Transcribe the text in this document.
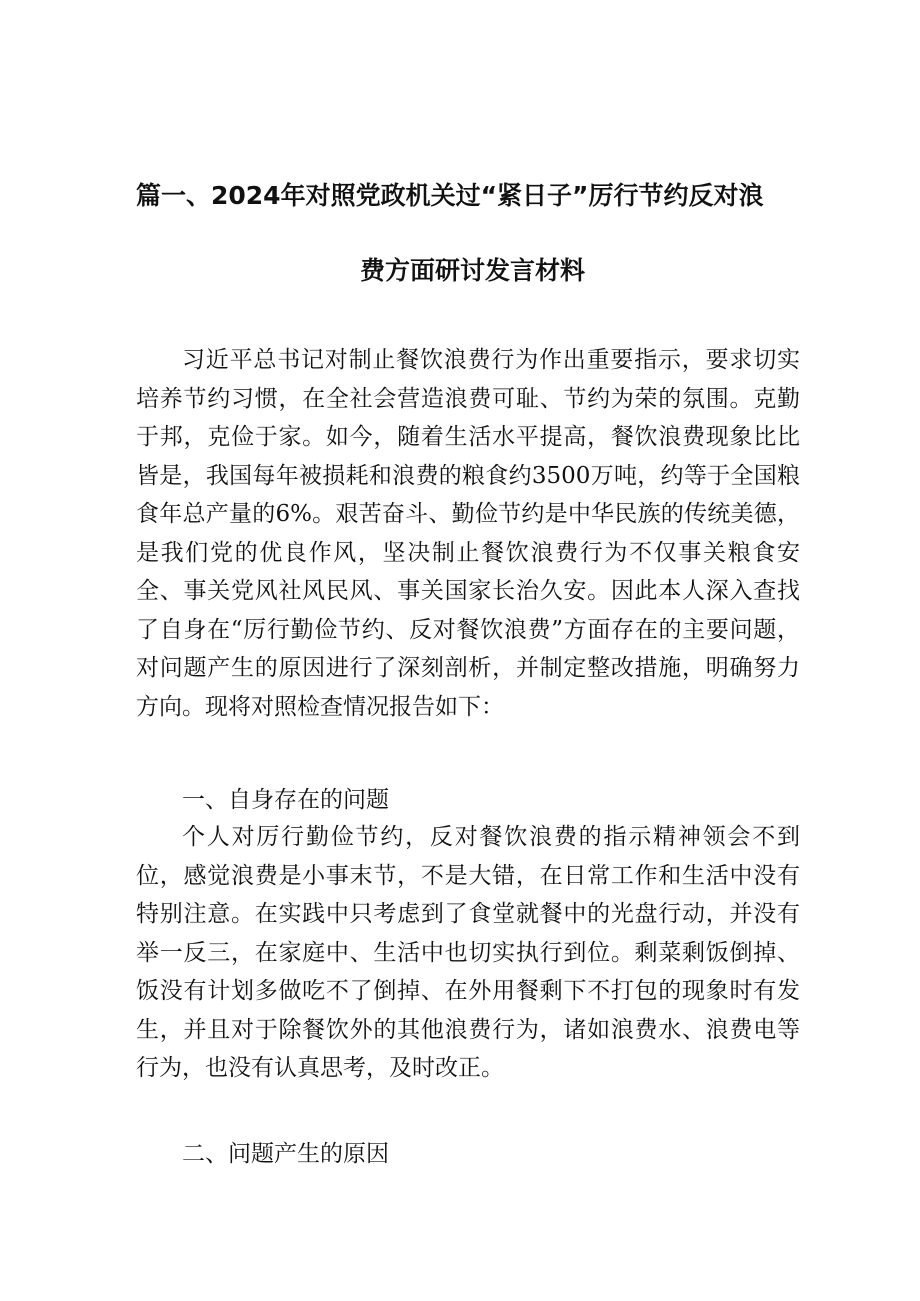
篇一、2024年对照党政机关过“紧日子”厉行节约反对浪
费方面研讨发言材料

习近平总书记对制止餐饮浪费行为作出重要指示，要求切实培养节约习惯，在全社会营造浪费可耻、节约为荣的氛围。克勤于邦，克俭于家。如今，随着生活水平提高，餐饮浪费现象比比皆是，我国每年被损耗和浪费的粮食约3500万吨，约等于全国粮食年总产量的6%。艰苦奋斗、勤俭节约是中华民族的传统美德，是我们党的优良作风，坚决制止餐饮浪费行为不仅事关粮食安全、事关党风社风民风、事关国家长治久安。因此本人深入查找了自身在“厉行勤俭节约、反对餐饮浪费”方面存在的主要问题，对问题产生的原因进行了深刻剖析，并制定整改措施，明确努力方向。现将对照检查情况报告如下：

一、自身存在的问题

个人对厉行勤俭节约，反对餐饮浪费的指示精神领会不到位，感觉浪费是小事末节，不是大错，在日常工作和生活中没有特别注意。在实践中只考虑到了食堂就餐中的光盘行动，并没有举一反三，在家庭中、生活中也切实执行到位。剩菜剩饭倒掉、饭没有计划多做吃不了倒掉、在外用餐剩下不打包的现象时有发生，并且对于除餐饮外的其他浪费行为，诸如浪费水、浪费电等行为，也没有认真思考，及时改正。

二、问题产生的原因
